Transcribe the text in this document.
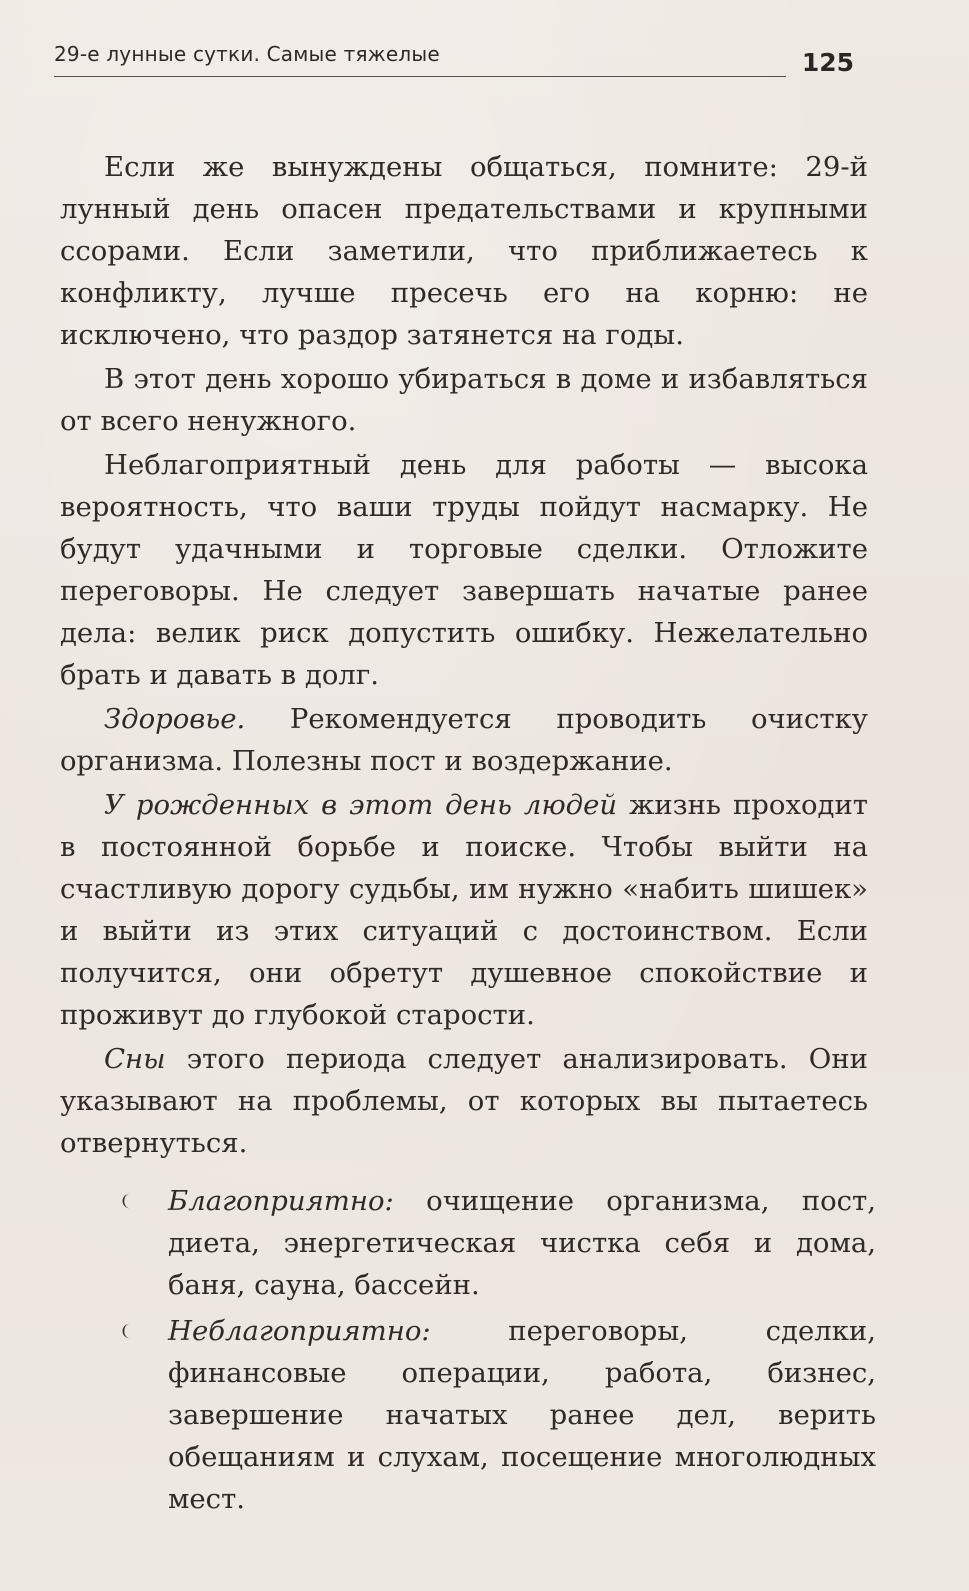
29-е лунные сутки. Самые тяжелые	125

Если же вынуждены общаться, помните: 29-й лунный день опасен предательствами и крупными ссорами. Если заметили, что приближаетесь к конфликту, лучше пресечь его на корню: не исключено, что раздор затянется на годы.

В этот день хорошо убираться в доме и избавляться от всего ненужного.

Неблагоприятный день для работы — высока вероятность, что ваши труды пойдут насмарку. Не будут удачными и торговые сделки. Отложите переговоры. Не следует завершать начатые ранее дела: велик риск допустить ошибку. Нежелательно брать и давать в долг.

Здоровье. Рекомендуется проводить очистку организма. Полезны пост и воздержание.

У рожденных в этот день людей жизнь проходит в постоянной борьбе и поиске. Чтобы выйти на счастливую дорогу судьбы, им нужно «набить шишек» и выйти из этих ситуаций с достоинством. Если получится, они обретут душевное спокойствие и проживут до глубокой старости.

Сны этого периода следует анализировать. Они указывают на проблемы, от которых вы пытаетесь отвернуться.

Благоприятно: очищение организма, пост, диета, энергетическая чистка себя и дома, баня, сауна, бассейн.
Неблагоприятно: переговоры, сделки, финансовые операции, работа, бизнес, завершение начатых ранее дел, верить обещаниям и слухам, посещение многолюдных мест.
